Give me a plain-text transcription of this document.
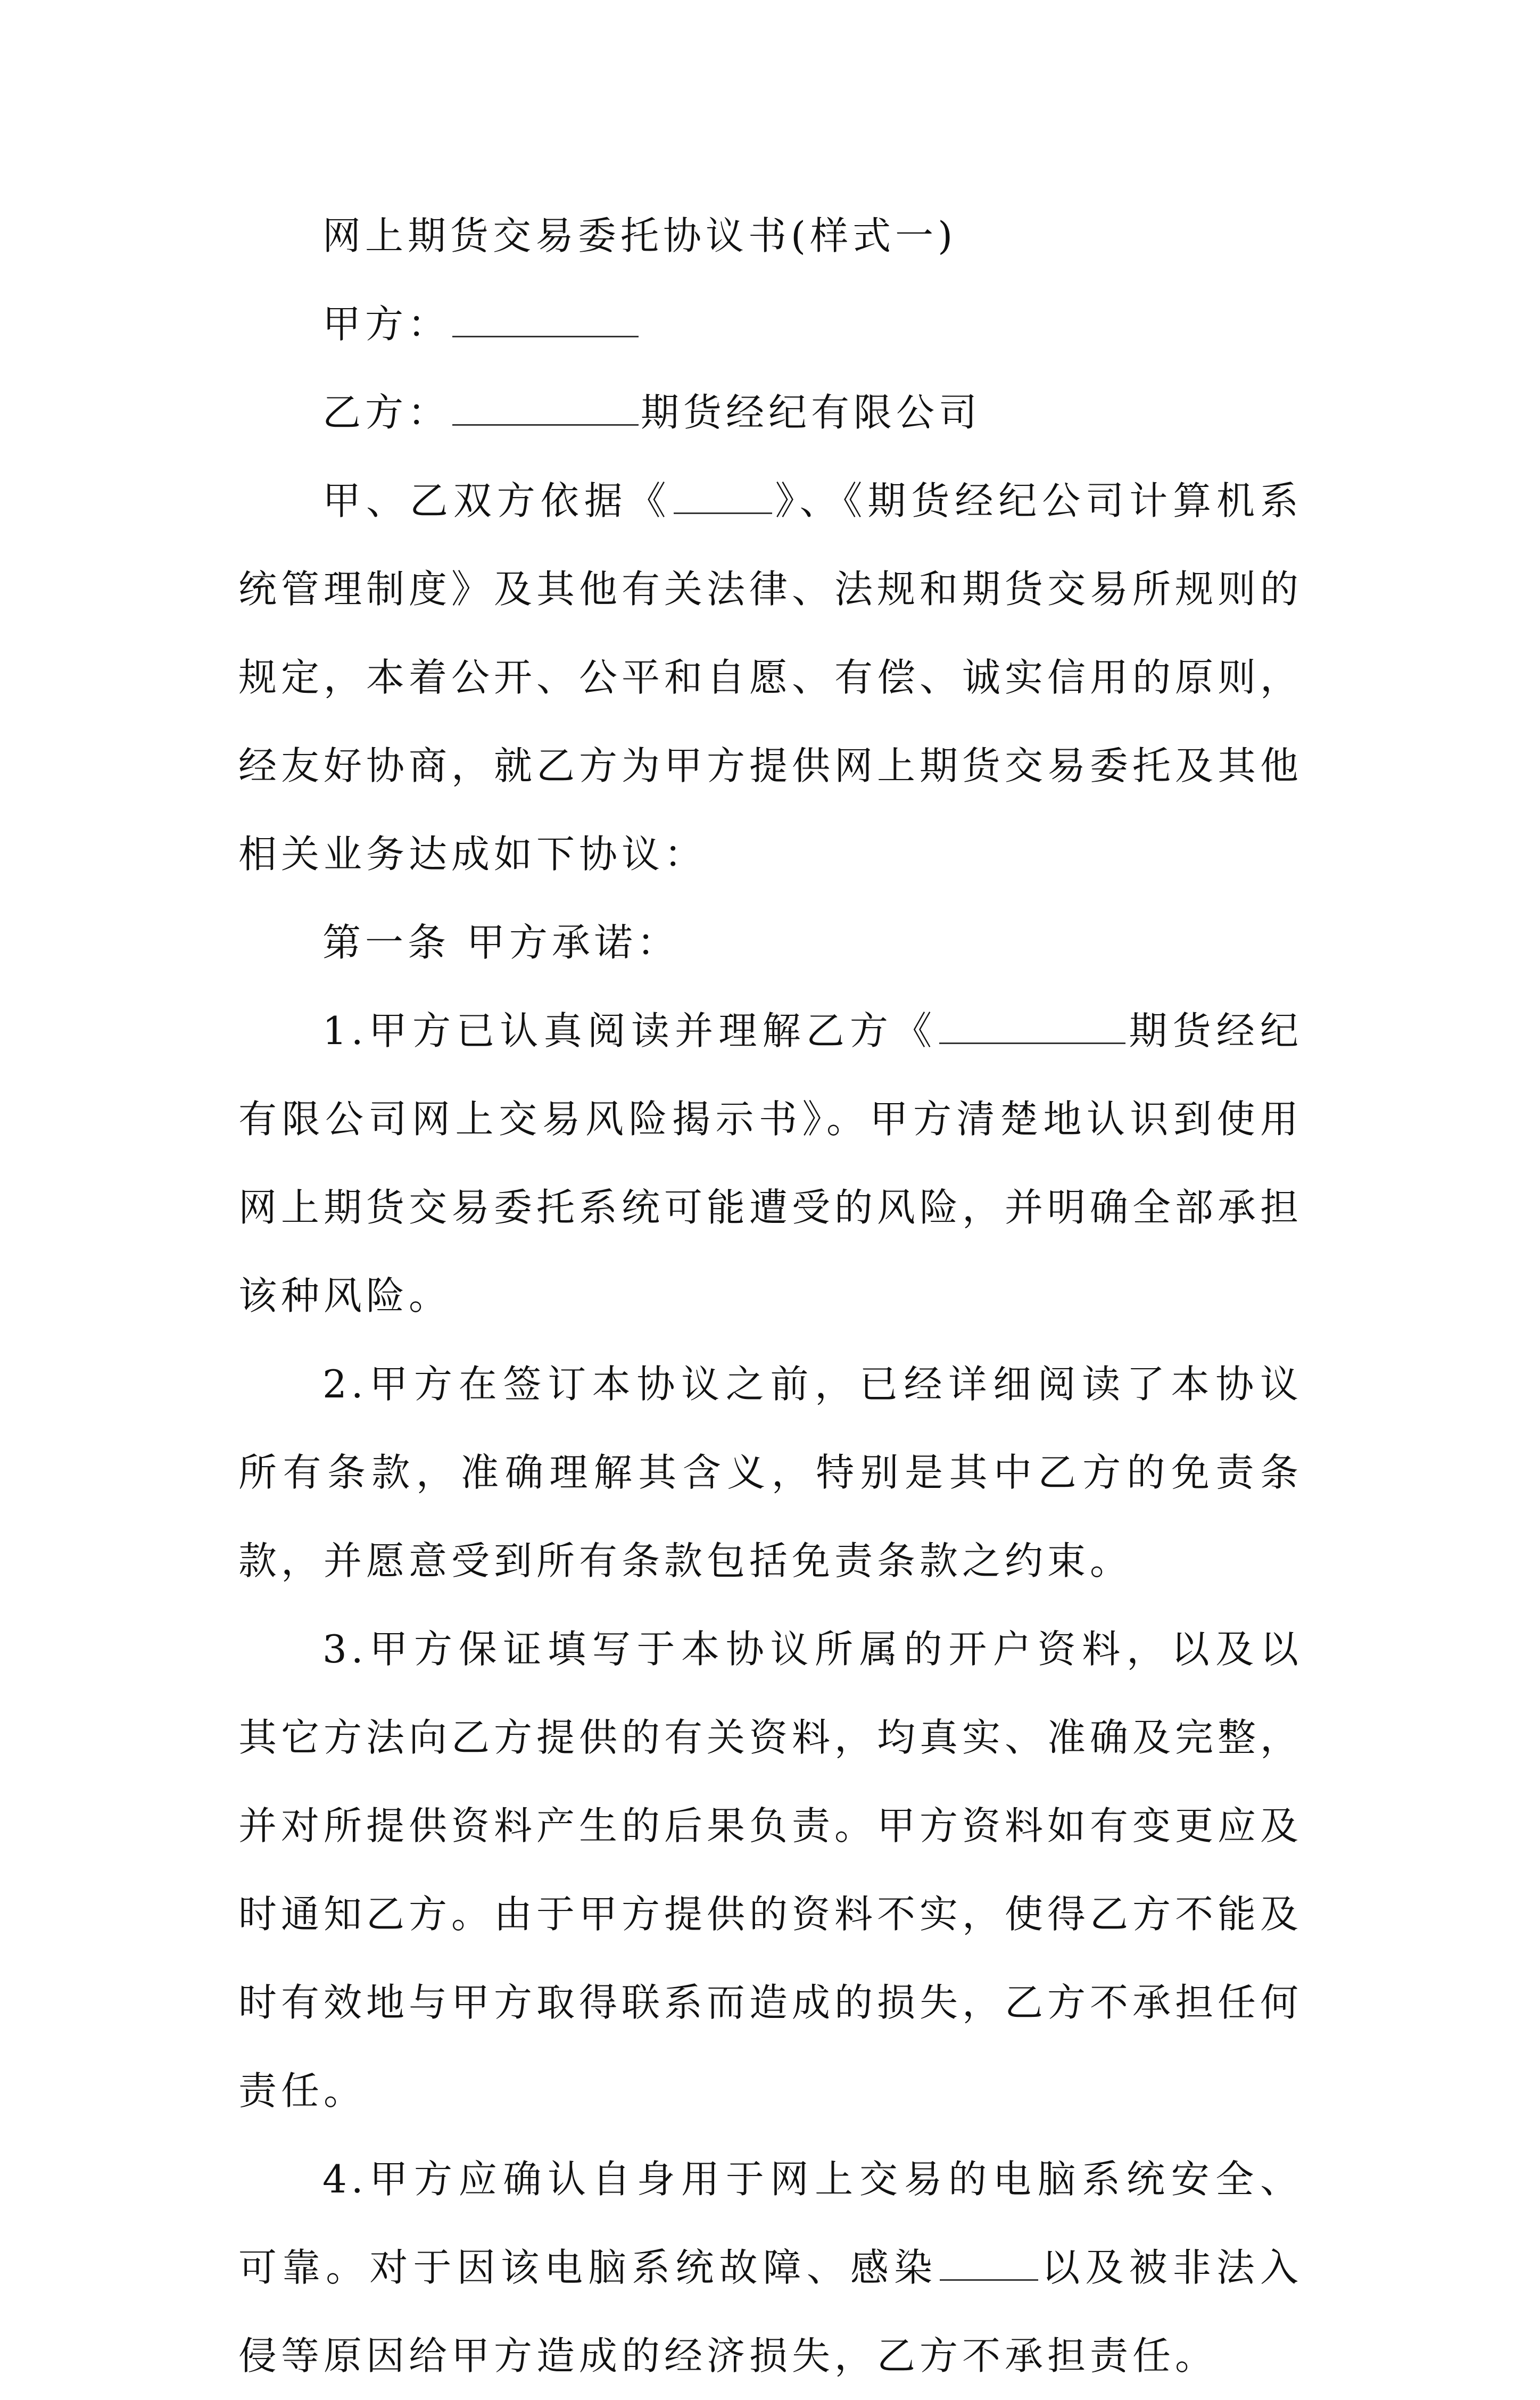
网上期货交易委托协议书(样式一)

甲方：

乙方：	期货经纪有限公司

甲、乙双方依据《	》、《期货经纪公司计算机系统管理制度》及其他有关法律、法规和期货交易所规则的规定，本着公开、公平和自愿、有偿、诚实信用的原则，经友好协商，就乙方为甲方提供网上期货交易委托及其他相关业务达成如下协议：

第一条 甲方承诺：

1.甲方已认真阅读并理解乙方《	期货经纪有限公司网上交易风险揭示书》。甲方清楚地认识到使用网上期货交易委托系统可能遭受的风险，并明确全部承担该种风险。

2.甲方在签订本协议之前，已经详细阅读了本协议所有条款，准确理解其含义，特别是其中乙方的免责条款，并愿意受到所有条款包括免责条款之约束。

3.甲方保证填写于本协议所属的开户资料，以及以其它方法向乙方提供的有关资料，均真实、准确及完整，并对所提供资料产生的后果负责。甲方资料如有变更应及时通知乙方。由于甲方提供的资料不实，使得乙方不能及时有效地与甲方取得联系而造成的损失，乙方不承担任何责任。

4.甲方应确认自身用于网上交易的电脑系统安全、可靠。对于因该电脑系统故障、感染	以及被非法入侵等原因给甲方造成的经济损失，乙方不承担责任。
